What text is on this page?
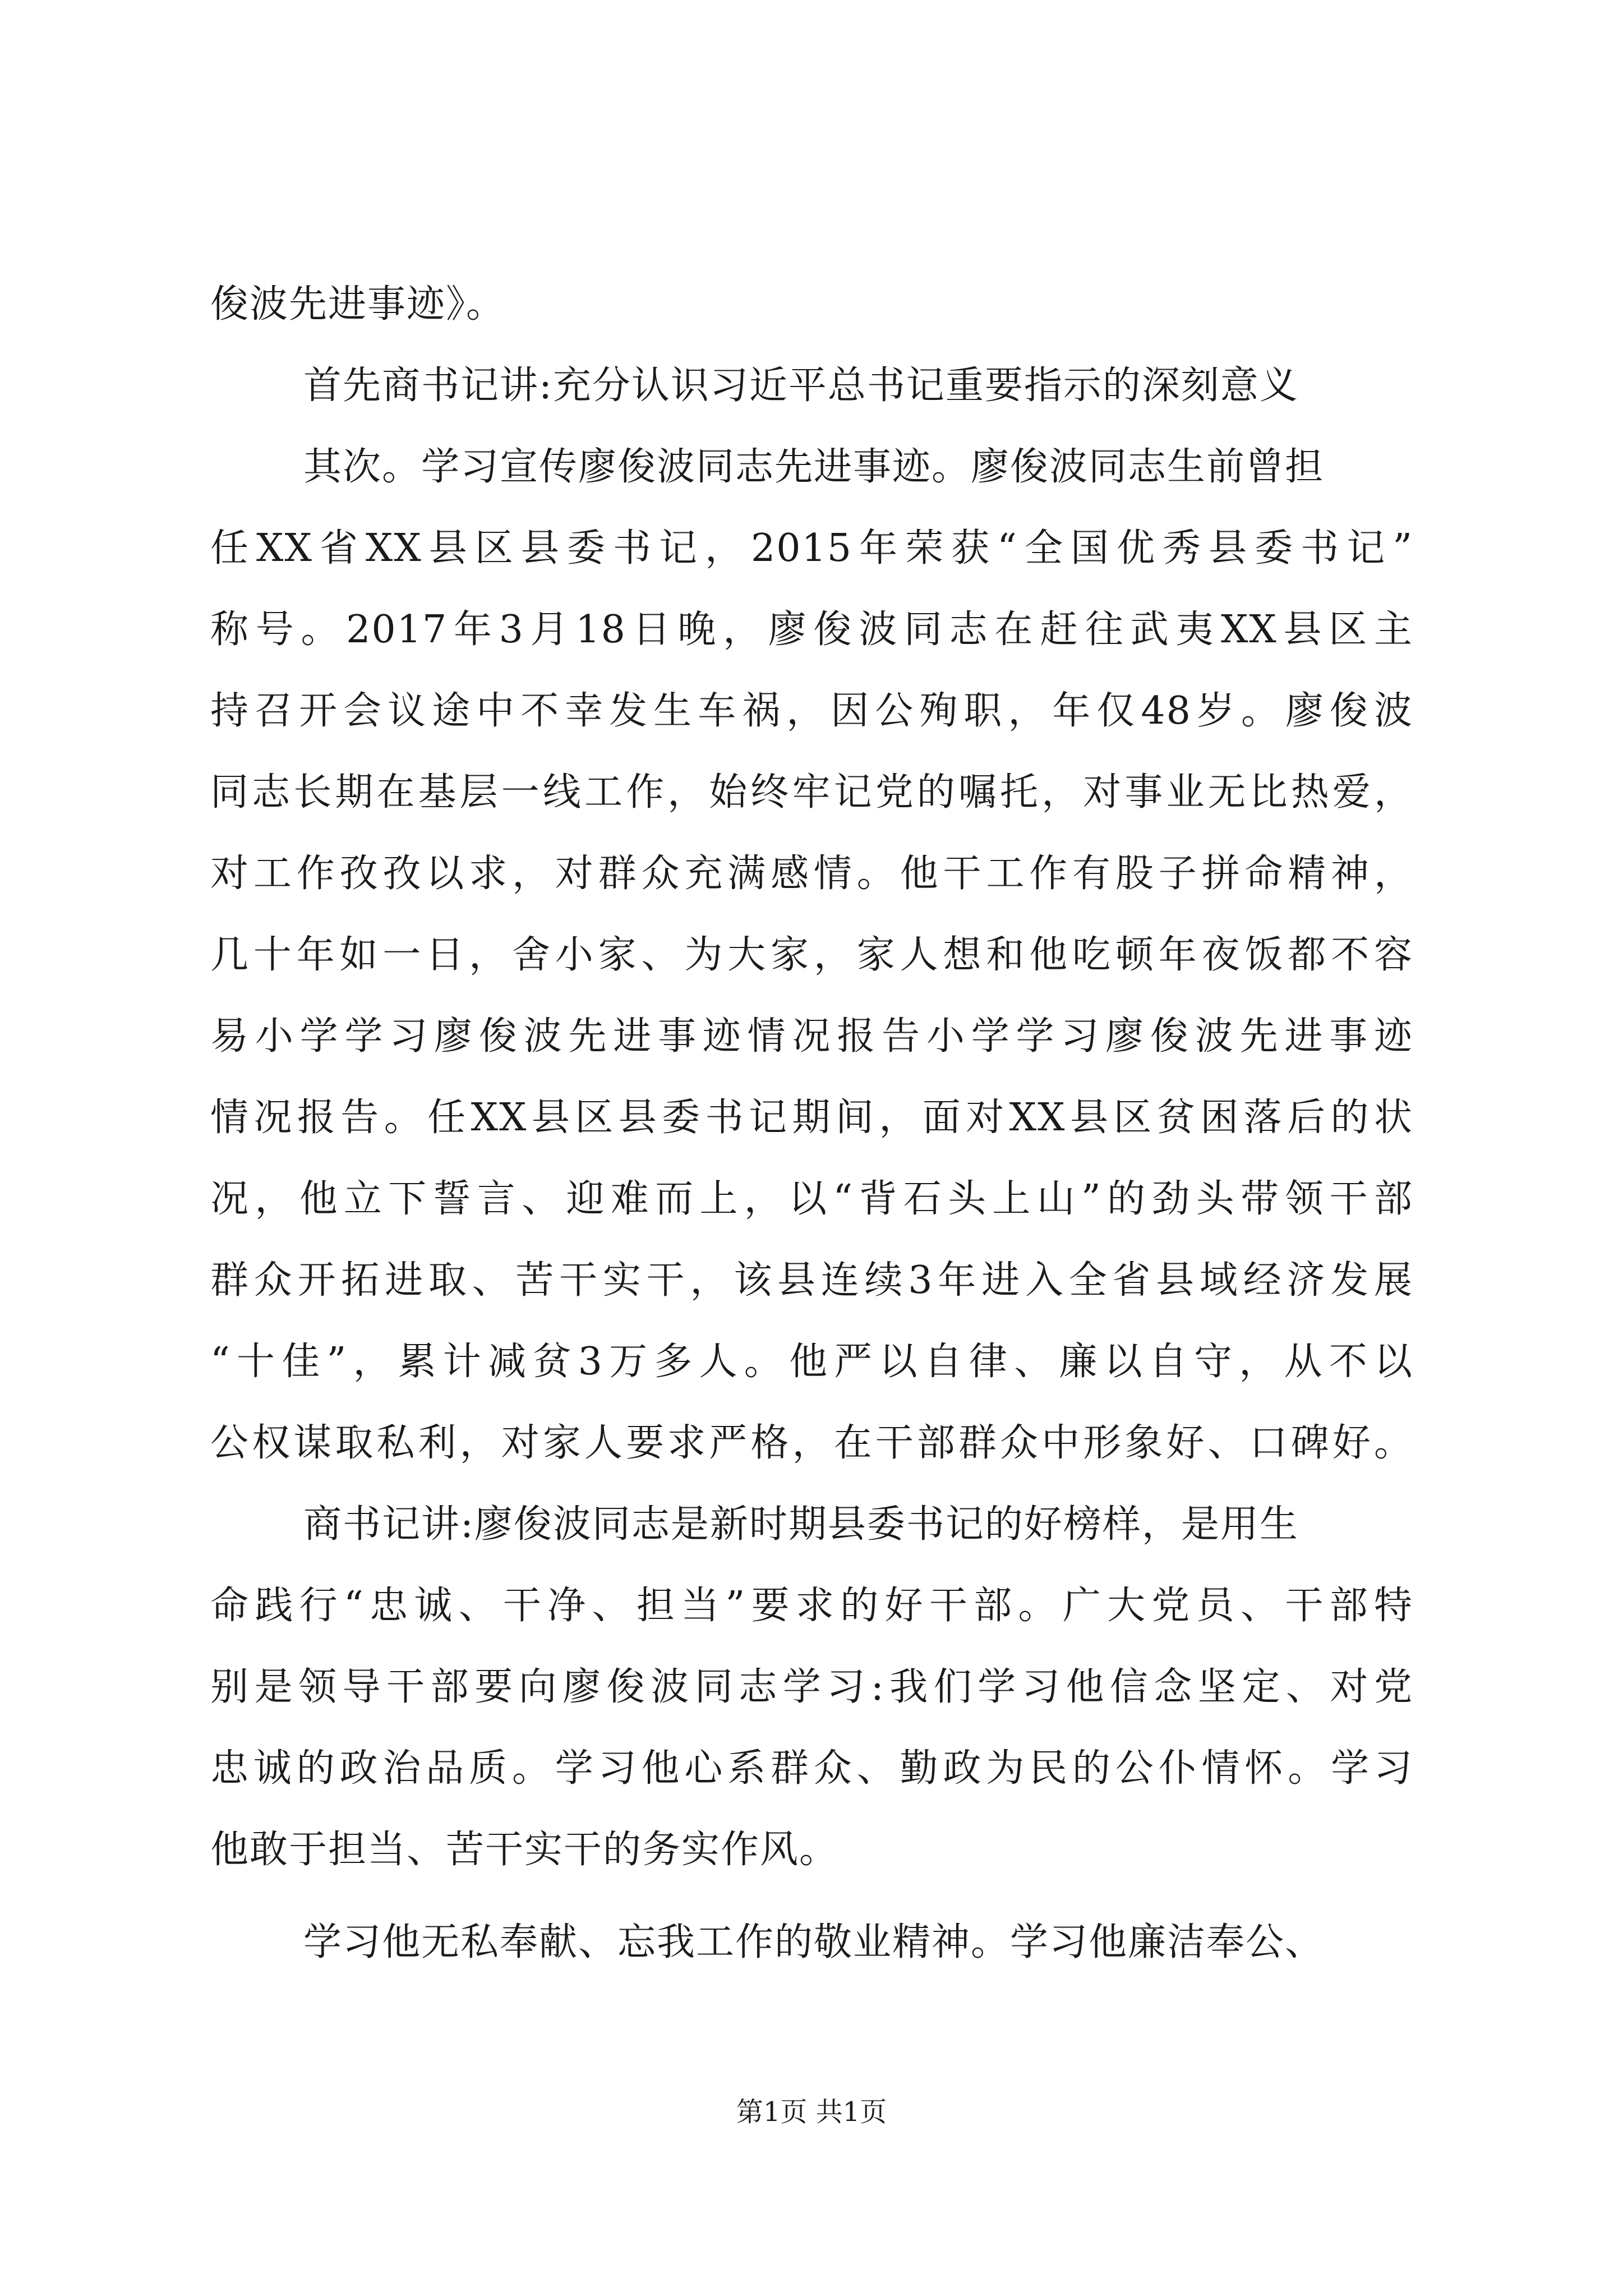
俊波先进事迹》。
首先商书记讲:充分认识习近平总书记重要指示的深刻意义
其次。学习宣传廖俊波同志先进事迹。廖俊波同志生前曾担
任XX省XX县区县委书记，2015年荣获“全国优秀县委书记”
称号。2017年3月18日晚，廖俊波同志在赶往武夷XX县区主
持召开会议途中不幸发生车祸，因公殉职，年仅48岁。廖俊波
同志长期在基层一线工作，始终牢记党的嘱托，对事业无比热爱，
对工作孜孜以求，对群众充满感情。他干工作有股子拼命精神，
几十年如一日，舍小家、为大家，家人想和他吃顿年夜饭都不容
易小学学习廖俊波先进事迹情况报告小学学习廖俊波先进事迹
情况报告。任XX县区县委书记期间，面对XX县区贫困落后的状
况，他立下誓言、迎难而上，以“背石头上山”的劲头带领干部
群众开拓进取、苦干实干，该县连续3年进入全省县域经济发展
“十佳”，累计减贫3万多人。他严以自律、廉以自守，从不以
公权谋取私利，对家人要求严格，在干部群众中形象好、口碑好。
商书记讲:廖俊波同志是新时期县委书记的好榜样，是用生
命践行“忠诚、干净、担当”要求的好干部。广大党员、干部特
别是领导干部要向廖俊波同志学习:我们学习他信念坚定、对党
忠诚的政治品质。学习他心系群众、勤政为民的公仆情怀。学习
他敢于担当、苦干实干的务实作风。
学习他无私奉献、忘我工作的敬业精神。学习他廉洁奉公、
第1页 共1页
